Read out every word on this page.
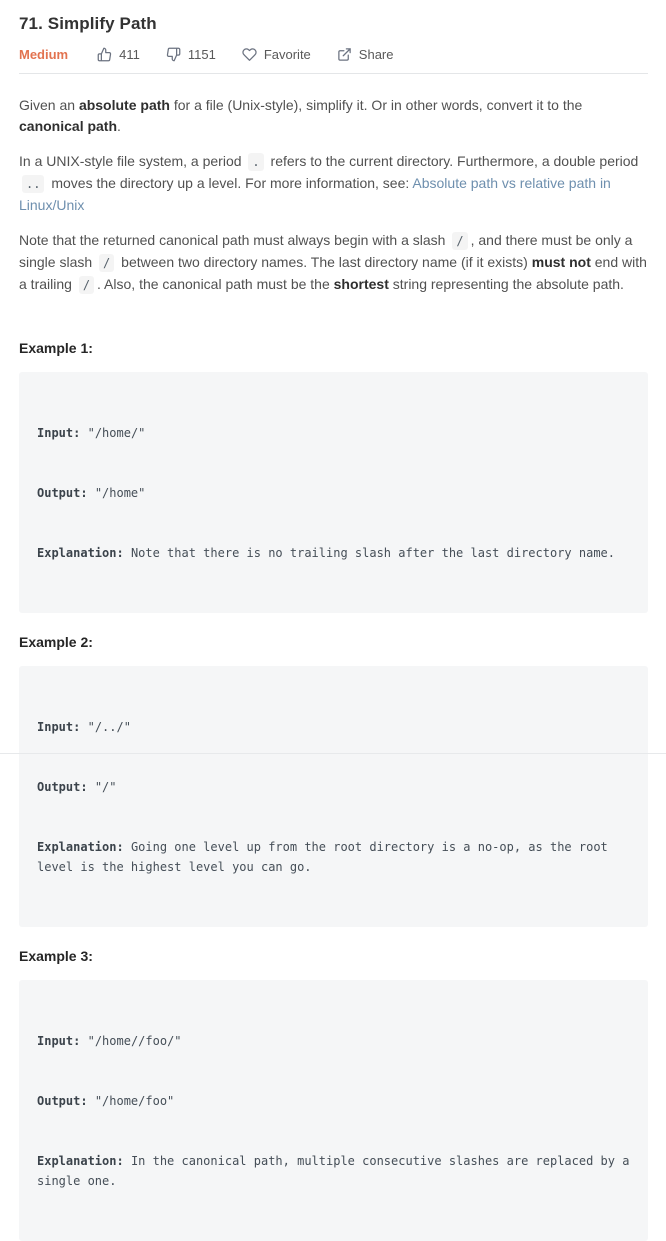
71. Simplify Path
Medium	411	1151	Favorite	Share

Given an absolute path for a file (Unix-style), simplify it. Or in other words, convert it to the canonical path.

In a UNIX-style file system, a period . refers to the current directory. Furthermore, a double period .. moves the directory up a level. For more information, see: Absolute path vs relative path in Linux/Unix

Note that the returned canonical path must always begin with a slash / , and there must be only a single slash / between two directory names. The last directory name (if it exists) must not end with a trailing / . Also, the canonical path must be the shortest string representing the absolute path.

Example 1:

Input: "/home/"

Output: "/home"

Explanation: Note that there is no trailing slash after the last directory name.

Example 2:

Input: "/../"

Output: "/"

Explanation: Going one level up from the root directory is a no-op, as the root level is the highest level you can go.

Example 3:

Input: "/home//foo/"

Output: "/home/foo"

Explanation: In the canonical path, multiple consecutive slashes are replaced by a single one.
